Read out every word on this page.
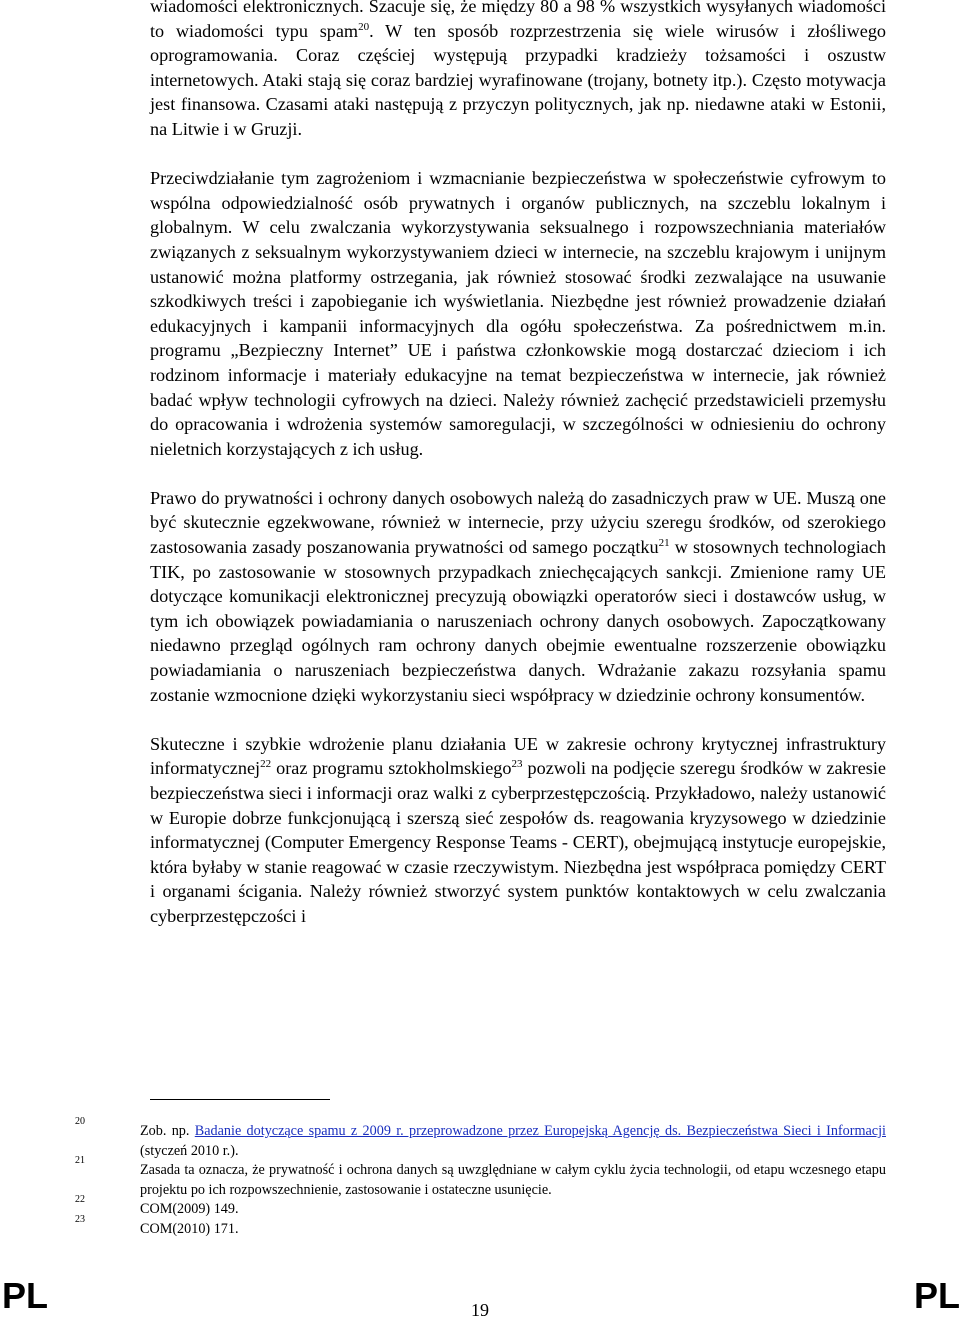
wiadomości elektronicznych. Szacuje się, że między 80 a 98 % wszystkich wysyłanych wiadomości to wiadomości typu spam$^{20}$. W ten sposób rozprzestrzenia się wiele wirusów i złośliwego oprogramowania. Coraz częściej występują przypadki kradzieży tożsamości i oszustw internetowych. Ataki stają się coraz bardziej wyrafinowane (trojany, botnety itp.). Często motywacja jest finansowa. Czasami ataki następują z przyczyn politycznych, jak np. niedawne ataki w Estonii, na Litwie i w Gruzji.

Przeciwdziałanie tym zagrożeniom i wzmacnianie bezpieczeństwa w społeczeństwie cyfrowym to wspólna odpowiedzialność osób prywatnych i organów publicznych, na szczeblu lokalnym i globalnym. W celu zwalczania wykorzystywania seksualnego i rozpowszechniania materiałów związanych z seksualnym wykorzystywaniem dzieci w internecie, na szczeblu krajowym i unijnym ustanowić można platformy ostrzegania, jak również stosować środki zezwalające na usuwanie szkodkiwych treści i zapobieganie ich wyświetlania. Niezbędne jest również prowadzenie działań edukacyjnych i kampanii informacyjnych dla ogółu społeczeństwa. Za pośrednictwem m.in. programu „Bezpieczny Internet” UE i państwa członkowskie mogą dostarczać dzieciom i ich rodzinom informacje i materiały edukacyjne na temat bezpieczeństwa w internecie, jak również badać wpływ technologii cyfrowych na dzieci. Należy również zachęcić przedstawicieli przemysłu do opracowania i wdrożenia systemów samoregulacji, w szczególności w odniesieniu do ochrony nieletnich korzystających z ich usług.

Prawo do prywatności i ochrony danych osobowych należą do zasadniczych praw w UE. Muszą one być skutecznie egzekwowane, również w internecie, przy użyciu szeregu środków, od szerokiego zastosowania zasady poszanowania prywatności od samego początku$^{21}$ w stosownych technologiach TIK, po zastosowanie w stosownych przypadkach zniechęcających sankcji. Zmienione ramy UE dotyczące komunikacji elektronicznej precyzują obowiązki operatorów sieci i dostawców usług, w tym ich obowiązek powiadamiania o naruszeniach ochrony danych osobowych. Zapoczątkowany niedawno przegląd ogólnych ram ochrony danych obejmie ewentualne rozszerzenie obowiązku powiadamiania o naruszeniach bezpieczeństwa danych. Wdrażanie zakazu rozsyłania spamu zostanie wzmocnione dzięki wykorzystaniu sieci współpracy w dziedzinie ochrony konsumentów.

Skuteczne i szybkie wdrożenie planu działania UE w zakresie ochrony krytycznej infrastruktury informatycznej$^{22}$ oraz programu sztokholmskiego$^{23}$ pozwoli na podjęcie szeregu środków w zakresie bezpieczeństwa sieci i informacji oraz walki z cyberprzestępczością. Przykładowo, należy ustanowić w Europie dobrze funkcjonującą i szerszą sieć zespołów ds. reagowania kryzysowego w dziedzinie informatycznej (Computer Emergency Response Teams - CERT), obejmującą instytucje europejskie, która byłaby w stanie reagować w czasie rzeczywistym. Niezbędna jest współpraca pomiędzy CERT i organami ścigania. Należy również stworzyć system punktów kontaktowych w celu zwalczania cyberprzestępczości i

20
Zob. np. Badanie dotyczące spamu z 2009 r. przeprowadzone przez Europejską Agencję ds. Bezpieczeństwa Sieci i Informacji (styczeń 2010 r.).
21
Zasada ta oznacza, że prywatność i ochrona danych są uwzględniane w całym cyklu życia technologii, od etapu wczesnego etapu projektu po ich rozpowszechnienie, zastosowanie i ostateczne usunięcie.
22
COM(2009) 149.
23
COM(2010) 171.
PL	19	PL
